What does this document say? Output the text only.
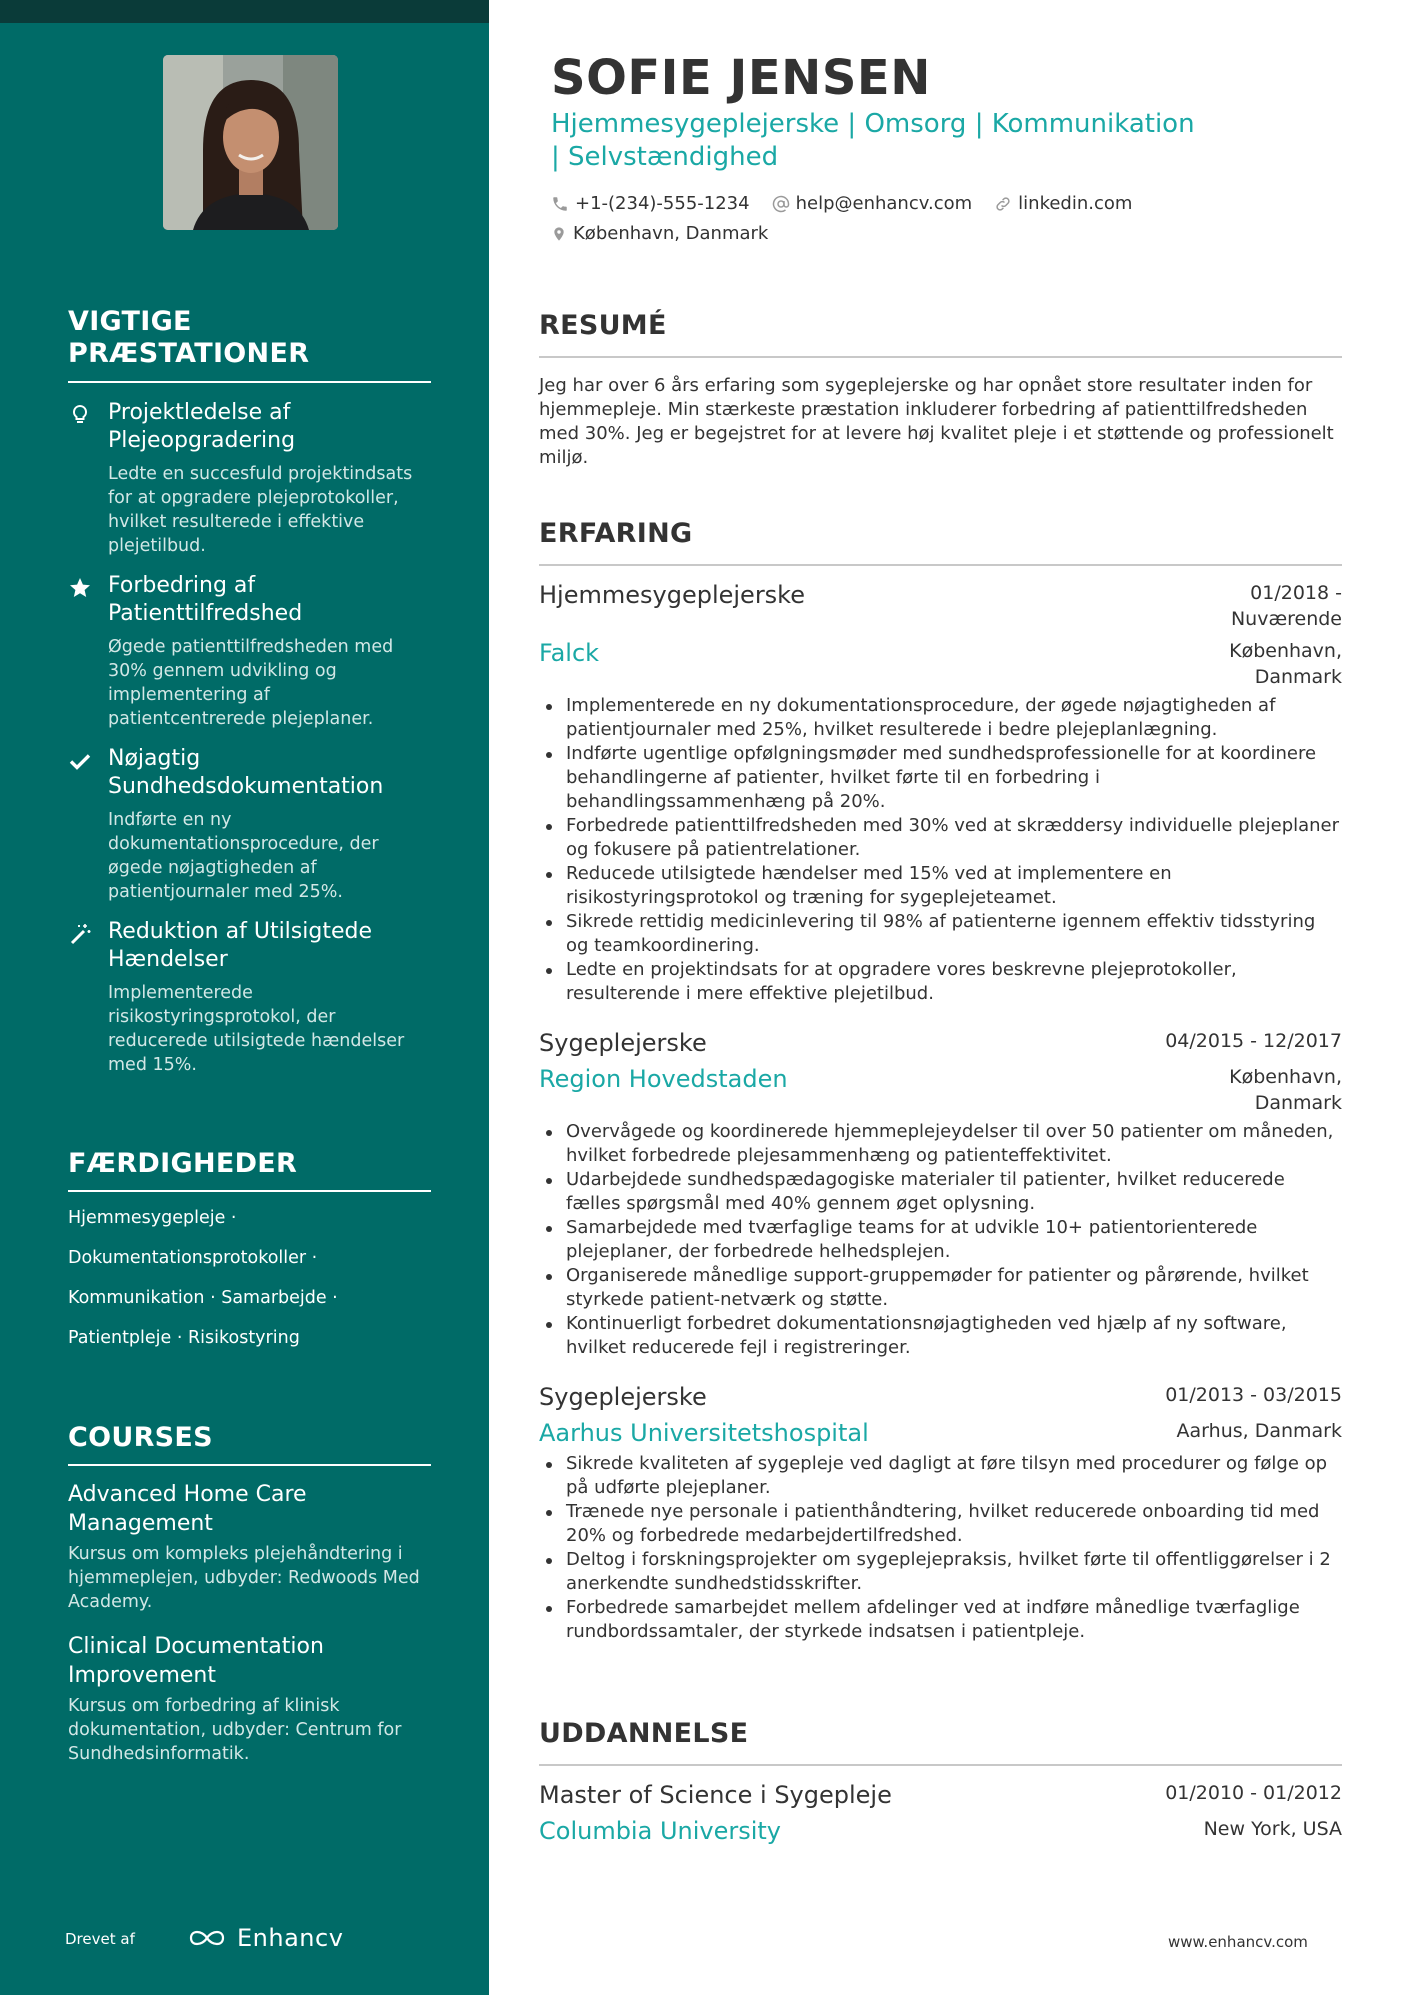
VIGTIGE PRÆSTATIONER
Projektledelse af Plejeopgradering
Ledte en succesfuld projektindsats for at opgradere plejeprotokoller, hvilket resulterede i effektive plejetilbud.
Forbedring af Patienttilfredshed
Øgede patienttilfredsheden med 30% gennem udvikling og implementering af patientcentrerede plejeplaner.
Nøjagtig Sundhedsdokumentation
Indførte en ny dokumentationsprocedure, der øgede nøjagtigheden af patientjournaler med 25%.
Reduktion af Utilsigtede Hændelser
Implementerede risikostyringsprotokol, der reducerede utilsigtede hændelser med 15%.
FÆRDIGHEDER
Hjemmesygepleje ·
Dokumentationsprotokoller ·
Kommunikation · Samarbejde ·
Patientpleje · Risikostyring
COURSES
Advanced Home Care Management
Kursus om kompleks plejehåndtering i hjemmeplejen, udbyder: Redwoods Med Academy.
Clinical Documentation Improvement
Kursus om forbedring af klinisk dokumentation, udbyder: Centrum for Sundhedsinformatik.
Drevet af	Enhancv
SOFIE JENSEN
Hjemmesygeplejerske | Omsorg | Kommunikation | Selvstændighed
+1-(234)-555-1234	help@enhancv.com	linkedin.com
København, Danmark
RESUMÉ

Jeg har over 6 års erfaring som sygeplejerske og har opnået store resultater inden for hjemmepleje. Min stærkeste præstation inkluderer forbedring af patienttilfredsheden med 30%. Jeg er begejstret for at levere høj kvalitet pleje i et støttende og professionelt miljø.

ERFARING
Hjemmesygeplejerske	01/2018 - Nuværende
Falck	København, Danmark
Implementerede en ny dokumentationsprocedure, der øgede nøjagtigheden af patientjournaler med 25%, hvilket resulterede i bedre plejeplanlægning.
Indførte ugentlige opfølgningsmøder med sundhedsprofessionelle for at koordinere behandlingerne af patienter, hvilket førte til en forbedring i behandlingssammenhæng på 20%.
Forbedrede patienttilfredsheden med 30% ved at skræddersy individuelle plejeplaner og fokusere på patientrelationer.
Reducede utilsigtede hændelser med 15% ved at implementere en risikostyringsprotokol og træning for sygeplejeteamet.
Sikrede rettidig medicinlevering til 98% af patienterne igennem effektiv tidsstyring og teamkoordinering.
Ledte en projektindsats for at opgradere vores beskrevne plejeprotokoller, resulterende i mere effektive plejetilbud.
Sygeplejerske	04/2015 - 12/2017
Region Hovedstaden	København, Danmark
Overvågede og koordinerede hjemmeplejeydelser til over 50 patienter om måneden, hvilket forbedrede plejesammenhæng og patienteffektivitet.
Udarbejdede sundhedspædagogiske materialer til patienter, hvilket reducerede fælles spørgsmål med 40% gennem øget oplysning.
Samarbejdede med tværfaglige teams for at udvikle 10+ patientorienterede plejeplaner, der forbedrede helhedsplejen.
Organiserede månedlige support-gruppemøder for patienter og pårørende, hvilket styrkede patient-netværk og støtte.
Kontinuerligt forbedret dokumentationsnøjagtigheden ved hjælp af ny software, hvilket reducerede fejl i registreringer.
Sygeplejerske	01/2013 - 03/2015
Aarhus Universitetshospital	Aarhus, Danmark
Sikrede kvaliteten af sygepleje ved dagligt at føre tilsyn med procedurer og følge op på udførte plejeplaner.
Trænede nye personale i patienthåndtering, hvilket reducerede onboarding tid med 20% og forbedrede medarbejdertilfredshed.
Deltog i forskningsprojekter om sygeplejepraksis, hvilket førte til offentliggørelser i 2 anerkendte sundhedstidsskrifter.
Forbedrede samarbejdet mellem afdelinger ved at indføre månedlige tværfaglige rundbordssamtaler, der styrkede indsatsen i patientpleje.
UDDANNELSE
Master of Science i Sygepleje	01/2010 - 01/2012
Columbia University	New York, USA
www.enhancv.com
